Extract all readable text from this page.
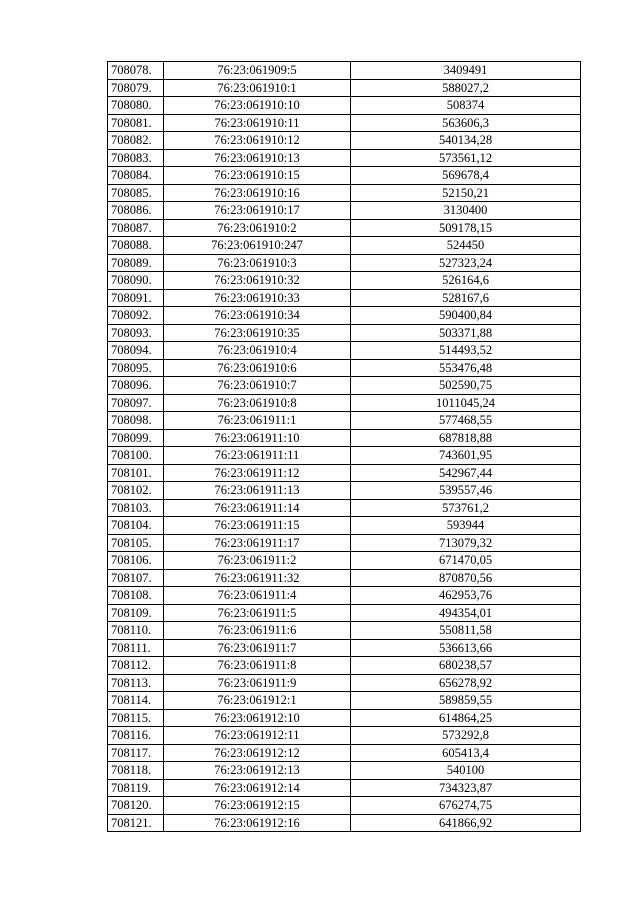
708078.	76:23:061909:5	3409491
708079.	76:23:061910:1	588027,2
708080.	76:23:061910:10	508374
708081.	76:23:061910:11	563606,3
708082.	76:23:061910:12	540134,28
708083.	76:23:061910:13	573561,12
708084.	76:23:061910:15	569678,4
708085.	76:23:061910:16	52150,21
708086.	76:23:061910:17	3130400
708087.	76:23:061910:2	509178,15
708088.	76:23:061910:247	524450
708089.	76:23:061910:3	527323,24
708090.	76:23:061910:32	526164,6
708091.	76:23:061910:33	528167,6
708092.	76:23:061910:34	590400,84
708093.	76:23:061910:35	503371,88
708094.	76:23:061910:4	514493,52
708095.	76:23:061910:6	553476,48
708096.	76:23:061910:7	502590,75
708097.	76:23:061910:8	1011045,24
708098.	76:23:061911:1	577468,55
708099.	76:23:061911:10	687818,88
708100.	76:23:061911:11	743601,95
708101.	76:23:061911:12	542967,44
708102.	76:23:061911:13	539557,46
708103.	76:23:061911:14	573761,2
708104.	76:23:061911:15	593944
708105.	76:23:061911:17	713079,32
708106.	76:23:061911:2	671470,05
708107.	76:23:061911:32	870870,56
708108.	76:23:061911:4	462953,76
708109.	76:23:061911:5	494354,01
708110.	76:23:061911:6	550811,58
708111.	76:23:061911:7	536613,66
708112.	76:23:061911:8	680238,57
708113.	76:23:061911:9	656278,92
708114.	76:23:061912:1	589859,55
708115.	76:23:061912:10	614864,25
708116.	76:23:061912:11	573292,8
708117.	76:23:061912:12	605413,4
708118.	76:23:061912:13	540100
708119.	76:23:061912:14	734323,87
708120.	76:23:061912:15	676274,75
708121.	76:23:061912:16	641866,92
